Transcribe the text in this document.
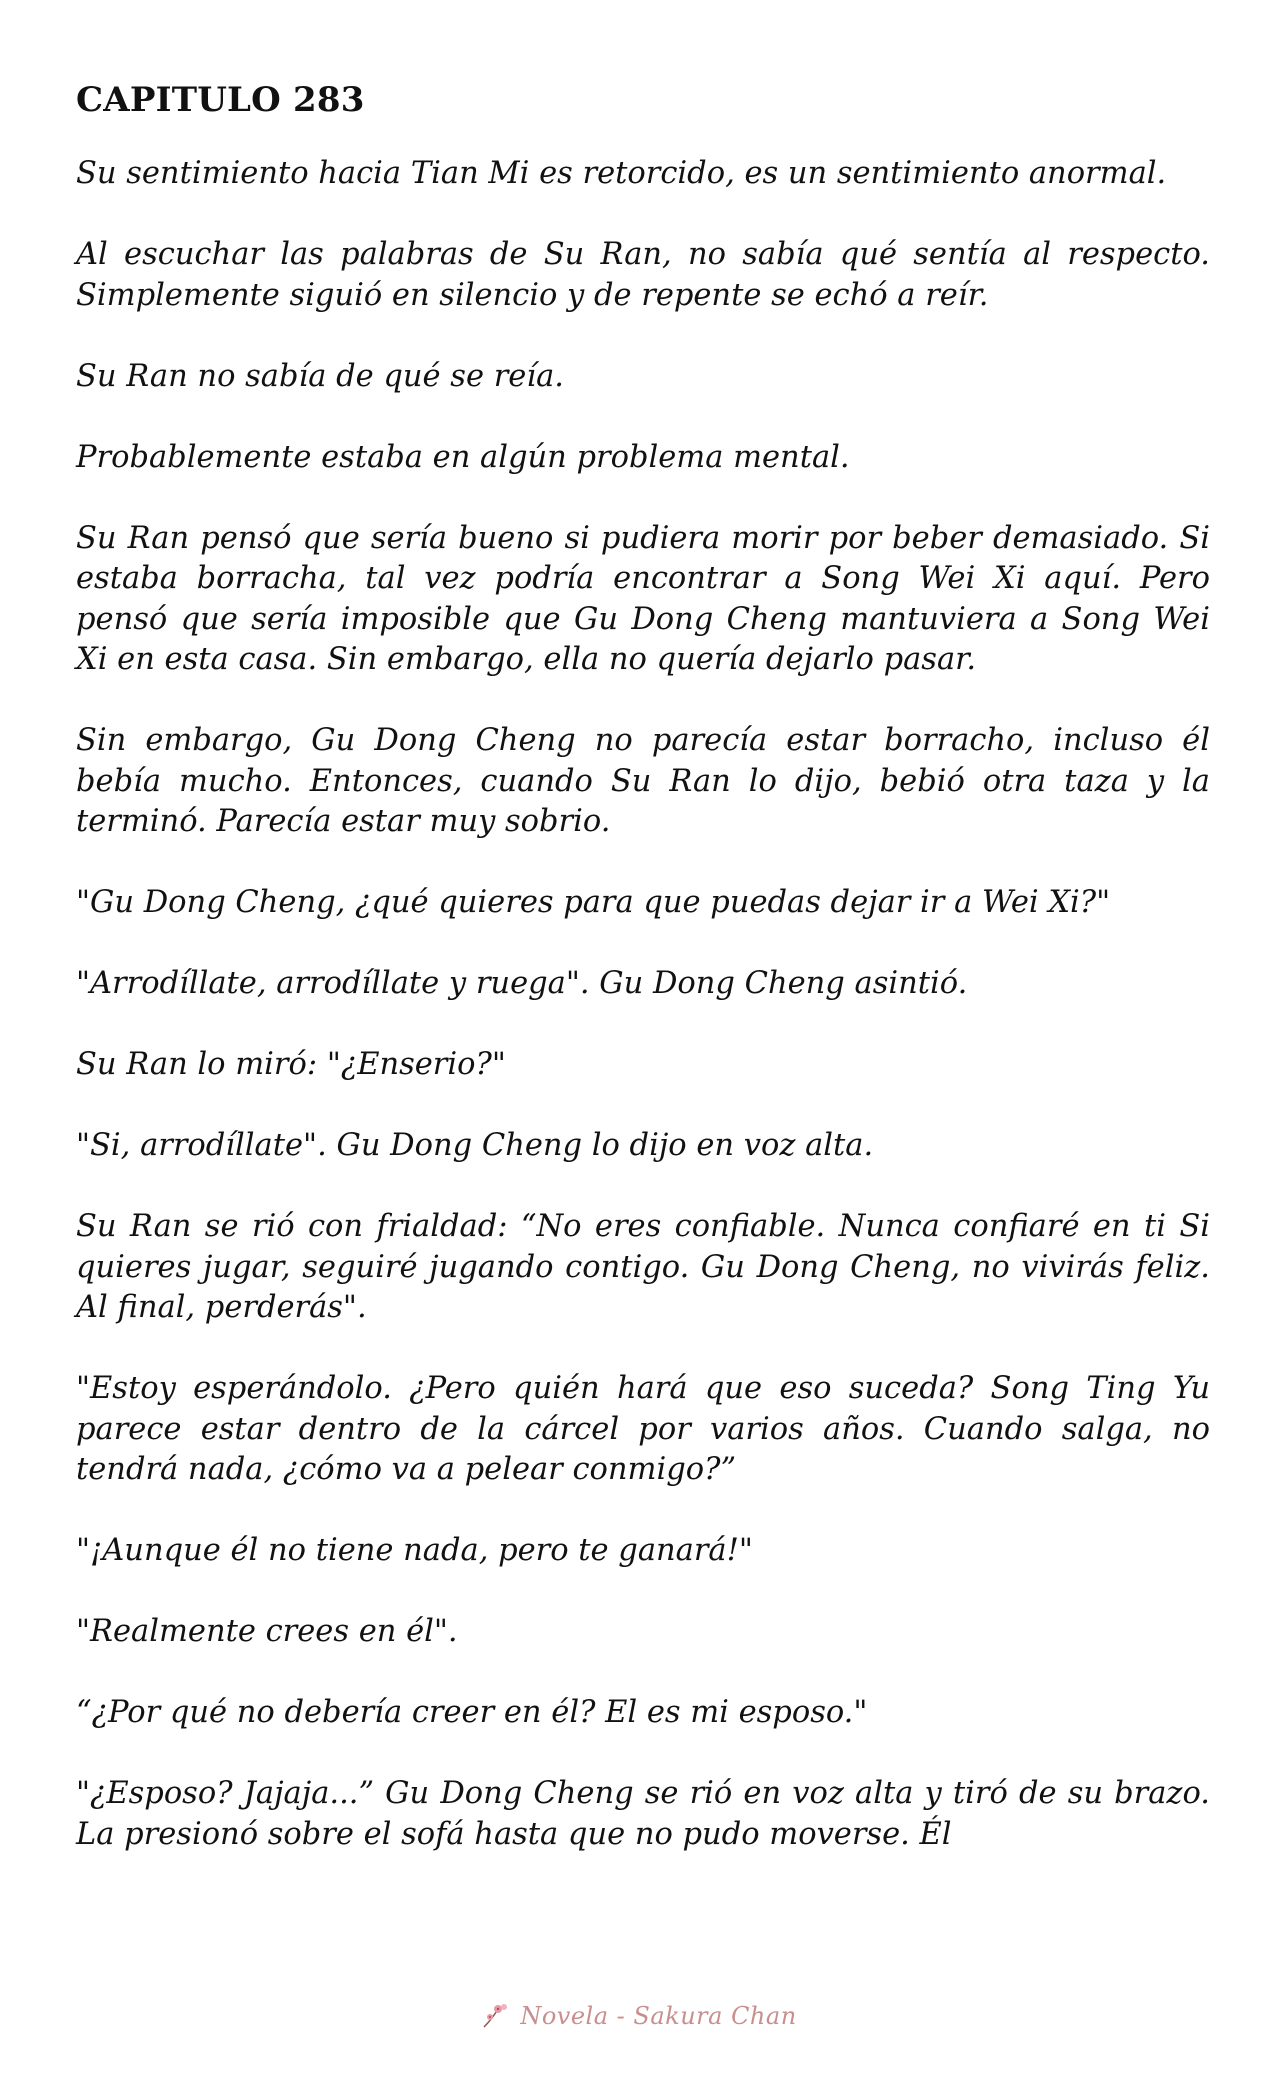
CAPITULO 283

Su sentimiento hacia Tian Mi es retorcido, es un sentimiento anormal.

Al escuchar las palabras de Su Ran, no sabía qué sentía al respecto. Simplemente siguió en silencio y de repente se echó a reír.

Su Ran no sabía de qué se reía.

Probablemente estaba en algún problema mental.

Su Ran pensó que sería bueno si pudiera morir por beber demasiado. Si estaba borracha, tal vez podría encontrar a Song Wei Xi aquí. Pero pensó que sería imposible que Gu Dong Cheng mantuviera a Song Wei Xi en esta casa. Sin embargo, ella no quería dejarlo pasar.

Sin embargo, Gu Dong Cheng no parecía estar borracho, incluso él bebía mucho. Entonces, cuando Su Ran lo dijo, bebió otra taza y la terminó. Parecía estar muy sobrio.

"Gu Dong Cheng, ¿qué quieres para que puedas dejar ir a Wei Xi?"

"Arrodíllate, arrodíllate y ruega". Gu Dong Cheng asintió.

Su Ran lo miró: "¿Enserio?"

"Si, arrodíllate". Gu Dong Cheng lo dijo en voz alta.

Su Ran se rió con frialdad: “No eres confiable. Nunca confiaré en ti Si quieres jugar, seguiré jugando contigo. Gu Dong Cheng, no vivirás feliz. Al final, perderás".

"Estoy esperándolo. ¿Pero quién hará que eso suceda? Song Ting Yu parece estar dentro de la cárcel por varios años. Cuando salga, no tendrá nada, ¿cómo va a pelear conmigo?”

"¡Aunque él no tiene nada, pero te ganará!"

"Realmente crees en él".

“¿Por qué no debería creer en él? El es mi esposo."

"¿Esposo? Jajaja...” Gu Dong Cheng se rió en voz alta y tiró de su brazo. La presionó sobre el sofá hasta que no pudo moverse. Él

Novela - Sakura Chan
